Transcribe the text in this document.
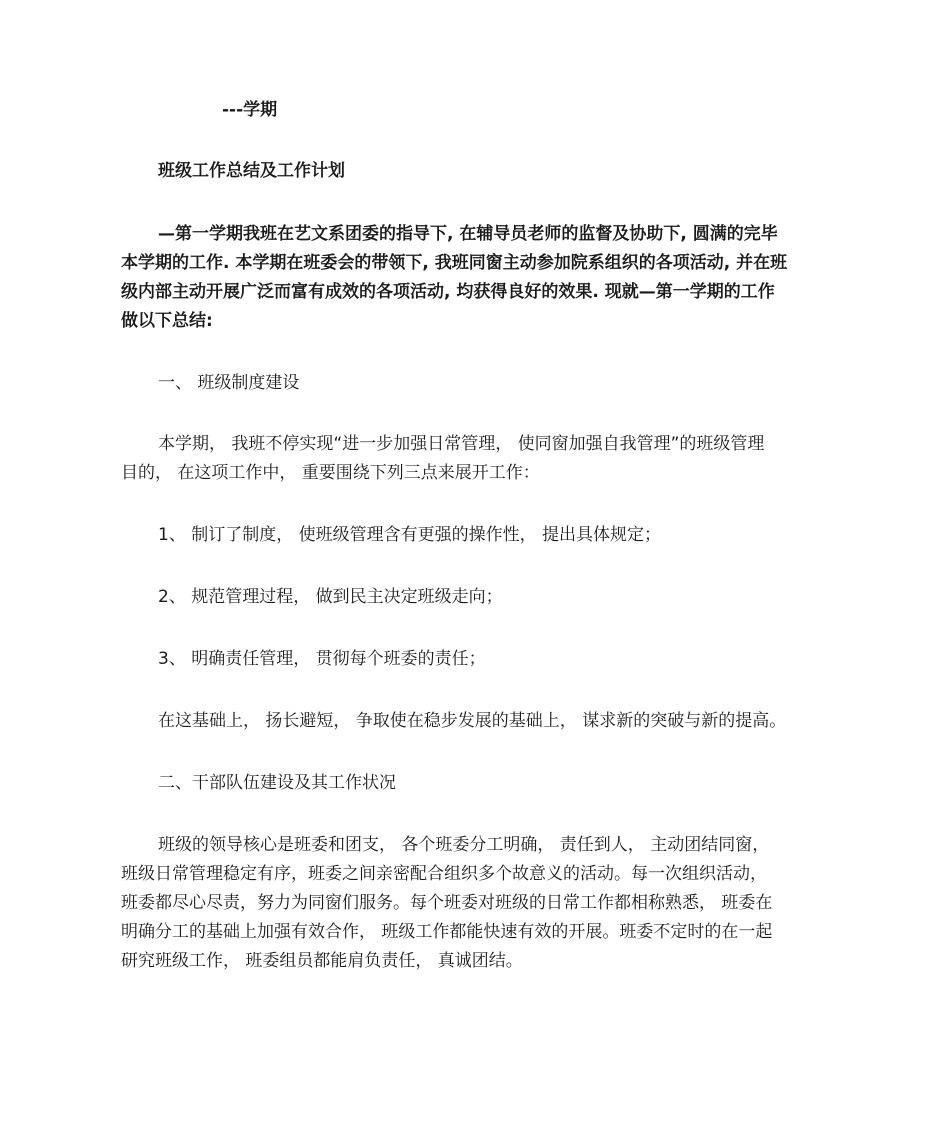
---学期
班级工作总结及工作计划
—第一学期我班在艺文系团委的指导下, 在辅导员老师的监督及协助下, 圆满的完毕
本学期的工作. 本学期在班委会的带领下, 我班同窗主动参加院系组织的各项活动, 并在班
级内部主动开展广泛而富有成效的各项活动, 均获得良好的效果. 现就—第一学期的工作
做以下总结:
一、 班级制度建设
本学期， 我班不停实现“进一步加强日常管理， 使同窗加强自我管理”的班级管理
目的， 在这项工作中， 重要围绕下列三点来展开工作：
1、 制订了制度， 使班级管理含有更强的操作性， 提出具体规定；
2、 规范管理过程， 做到民主决定班级走向；
3、 明确责任管理， 贯彻每个班委的责任；
在这基础上， 扬长避短， 争取使在稳步发展的基础上， 谋求新的突破与新的提高。
二、干部队伍建设及其工作状况
班级的领导核心是班委和团支， 各个班委分工明确， 责任到人， 主动团结同窗，
班级日常管理稳定有序，班委之间亲密配合组织多个故意义的活动。每一次组织活动，
班委都尽心尽责，努力为同窗们服务。每个班委对班级的日常工作都相称熟悉， 班委在
明确分工的基础上加强有效合作， 班级工作都能快速有效的开展。班委不定时的在一起
研究班级工作， 班委组员都能肩负责任， 真诚团结。
